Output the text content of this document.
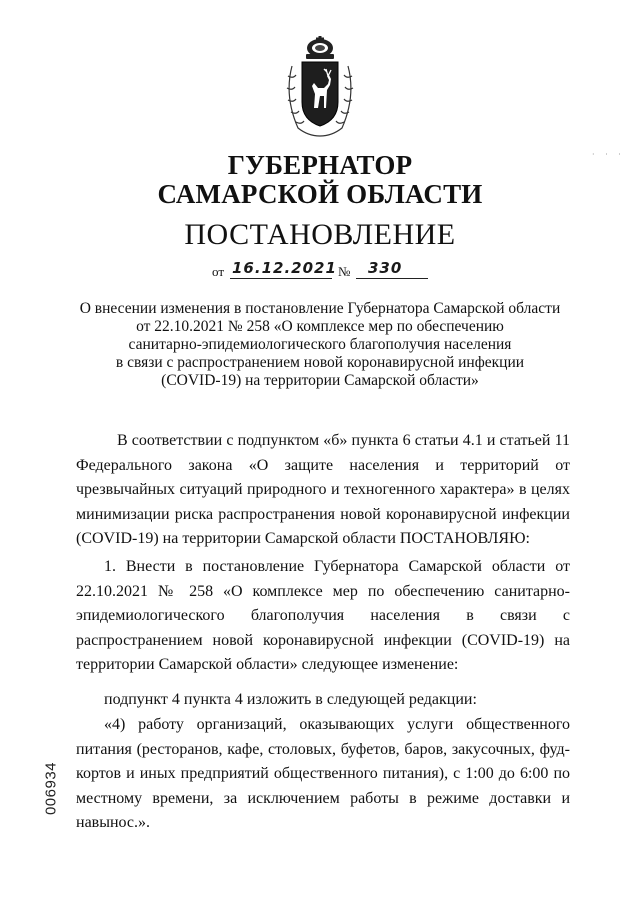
· · ·
ГУБЕРНАТОР
САМАРСКОЙ ОБЛАСТИ
ПОСТАНОВЛЕНИЕ
от 16.12.2021 № 330
О внесении изменения в постановление Губернатора Самарской области
от 22.10.2021 № 258 «О комплексе мер по обеспечению
санитарно-эпидемиологического благополучия населения
в связи с распространением новой коронавирусной инфекции
(COVID-19) на территории Самарской области»
В соответствии с подпунктом «б» пункта 6 статьи 4.1 и статьей 11 Федерального закона «О защите населения и территорий от чрезвычайных ситуаций природного и техногенного характера» в целях минимизации риска распространения новой коронавирусной инфекции (COVID-19) на территории Самарской области ПОСТАНОВЛЯЮ:
1. Внести в постановление Губернатора Самарской области от 22.10.2021 № 258 «О комплексе мер по обеспечению санитарно-эпидемиологического благополучия населения в связи с распространением новой коронавирусной инфекции (COVID-19) на территории Самарской области» следующее изменение:
подпункт 4 пункта 4 изложить в следующей редакции:
«4) работу организаций, оказывающих услуги общественного питания (ресторанов, кафе, столовых, буфетов, баров, закусочных, фуд-кортов и иных предприятий общественного питания), с 1:00 до 6:00 по местному времени, за исключением работы в режиме доставки и навынос.».
006934
